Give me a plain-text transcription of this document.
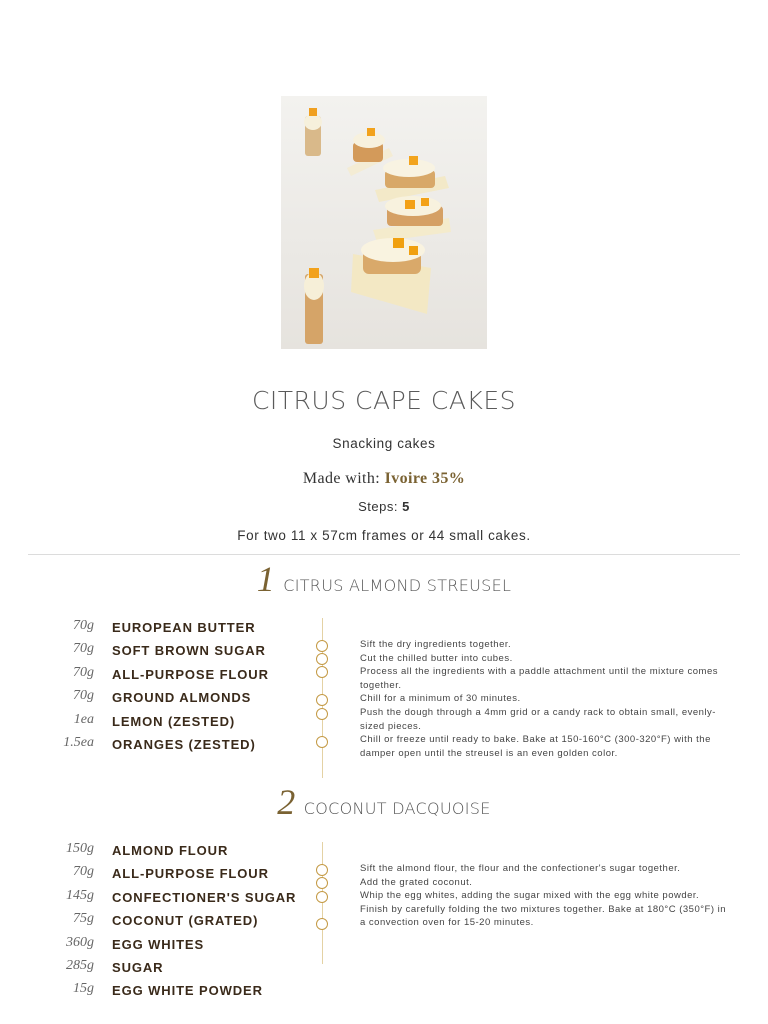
CITRUS CAPE CAKES
Snacking cakes
Made with: Ivoire 35%
Steps: 5
For two 11 x 57cm frames or 44 small cakes.
1 CITRUS ALMOND STREUSEL
70g EUROPEAN BUTTER
70g SOFT BROWN SUGAR
70g ALL-PURPOSE FLOUR
70g GROUND ALMONDS
1ea LEMON (ZESTED)
1.5ea ORANGES (ZESTED)

Sift the dry ingredients together.

Cut the chilled butter into cubes.

Process all the ingredients with a paddle attachment until the mixture comes together.

Chill for a minimum of 30 minutes.

Push the dough through a 4mm grid or a candy rack to obtain small, evenly-sized pieces.

Chill or freeze until ready to bake. Bake at 150-160°C (300-320°F) with the damper open until the streusel is an even golden color.

2 COCONUT DACQUOISE
150g ALMOND FLOUR
70g ALL-PURPOSE FLOUR
145g CONFECTIONER'S SUGAR
75g COCONUT (GRATED)
360g EGG WHITES
285g SUGAR
15g EGG WHITE POWDER

Sift the almond flour, the flour and the confectioner's sugar together.

Add the grated coconut.

Whip the egg whites, adding the sugar mixed with the egg white powder.

Finish by carefully folding the two mixtures together. Bake at 180°C (350°F) in a convection oven for 15-20 minutes.
